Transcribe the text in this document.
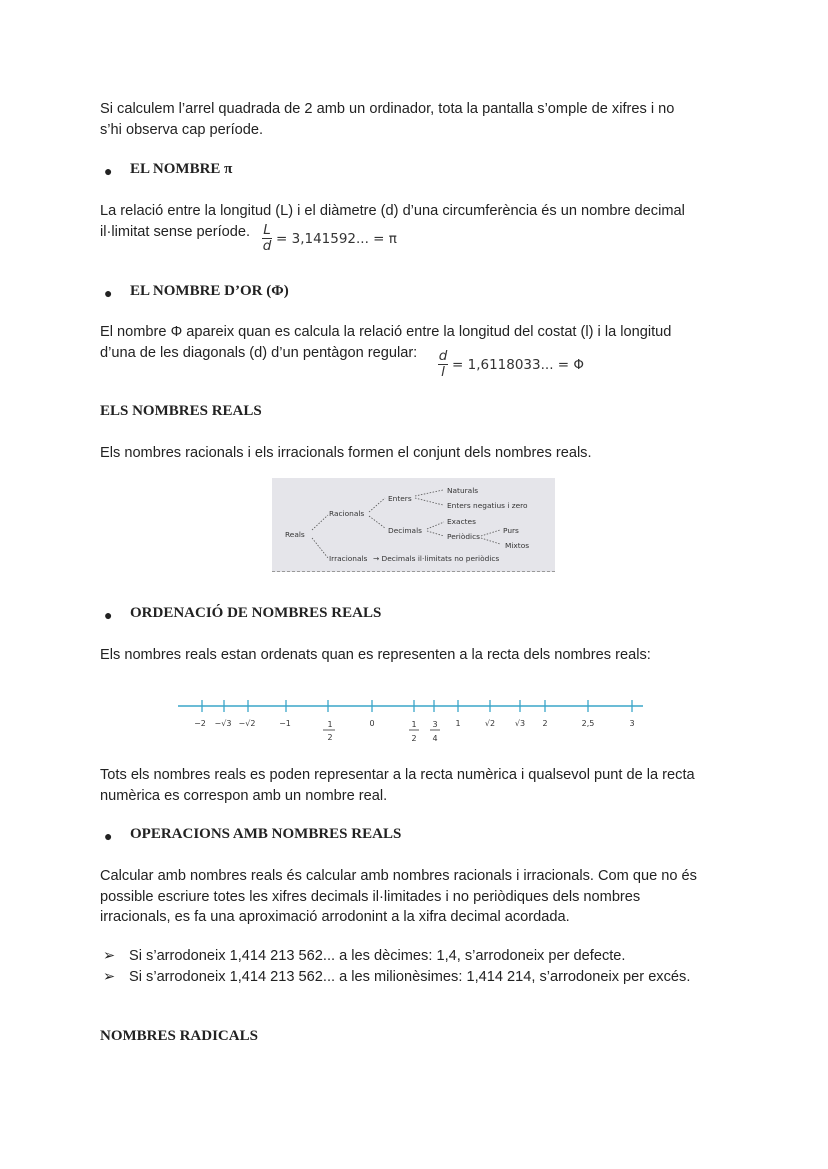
Si calculem l’arrel quadrada de 2 amb un ordinador, tota la pantalla s’omple de xifres i no
s’hi observa cap període.
● EL NOMBRE π
La relació entre la longitud (L) i el diàmetre (d) d’una circumferència és un nombre decimal
il·limitat sense període. $\frac{L}{d} = 3,141592$... = π
● EL NOMBRE D’OR (Φ)
El nombre Φ apareix quan es calcula la relació entre la longitud del costat (l) i la longitud
d’una de les diagonals (d) d’un pentàgon regular:	$\frac{d}{l} = 1,6118033$... = Φ
ELS NOMBRES REALS
Els nombres racionals i els irracionals formen el conjunt dels nombres reals.
Reals
Racionals
Irracionals → Decimals il·limitats no periòdics
Enters
Decimals
Naturals
Enters negatius i zero
Exactes
Periòdics
Purs
Mixtos
● ORDENACIÓ DE NOMBRES REALS
Els nombres reals estan ordenats quan es representen a la recta dels nombres reals:
−2 −√3 −√2	−1	1
2
0	1
2
3
4
1	√2 √3 2	2,5	3
Tots els nombres reals es poden representar a la recta numèrica i qualsevol punt de la recta
numèrica es correspon amb un nombre real.
● OPERACIONS AMB NOMBRES REALS
Calcular amb nombres reals és calcular amb nombres racionals i irracionals. Com que no és
possible escriure totes les xifres decimals il·limitades i no periòdiques dels nombres
irracionals, es fa una aproximació arrodonint a la xifra decimal acordada.
➢ Si s’arrodoneix 1,414 213 562... a les dècimes: 1,4, s’arrodoneix per defecte.
➢ Si s’arrodoneix 1,414 213 562... a les milionèsimes: 1,414 214, s’arrodoneix per excés.
NOMBRES RADICALS
